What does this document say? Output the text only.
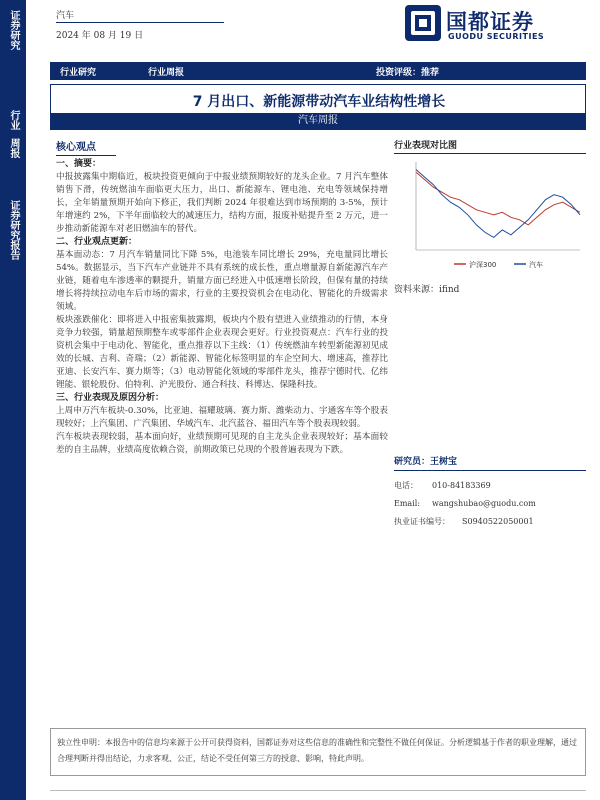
证券研究
行业
周报
证券研究报告
汽车
2024 年 08 月 19 日
国都证券
GUODU SECURITIES
行业研究	行业周报	投资评级：推荐
7 月出口、新能源带动汽车业结构性增长
汽车周报
核心观点
一、摘要：

中报披露集中期临近，板块投资更倾向于中报业绩预期较好的龙头企业。7 月汽车整体销售下滑，传统燃油车面临更大压力，出口、新能源车、锂电池、充电等领域保持增长，全年销量预期开始向下修正，我们判断 2024 年很难达到市场预期的 3-5%，预计年增速约 2%，下半年面临较大的减速压力，结构方面，报废补贴提升至 2 万元，进一步推动新能源车对老旧燃油车的替代。

二、行业观点更新：

基本面动态：7 月汽车销量同比下降 5%，电池装车同比增长 29%，充电量同比增长 54%。数据显示，当下汽车产业链并不具有系统的成长性，重点增量源自新能源汽车产业链，随着电车渗透率的颗提升，销量方面已经进入中低速增长阶段，但保有量的持续增长将持续拉动电车后市场的需求，行业的主要投资机会在电动化、智能化的升级需求领域。

板块涨跌催化：即将进入中报密集披露期，板块内个股有望进入业绩推动的行情，本身竞争力较强，销量超预期整车或零部件企业表现会更好。行业投资观点：汽车行业的投资机会集中于电动化、智能化，重点推荐以下主线：（1）传统燃油车转型新能源初见成效的长城、吉利、奇瑞；（2）新能源、智能化标签明显的车企空间大、增速高，推荐比亚迪、长安汽车、赛力斯等；（3）电动智能化领域的零部件龙头，推荐宁德时代、亿纬锂能、银轮股份、伯特利、沪光股份、通合科技、科博达、保隆科技。

三、行业表现及原因分析：

上周申万汽车板块-0.30%，比亚迪、福耀玻璃、赛力斯、潍柴动力、宇通客车等个股表现较好；上汽集团、广汽集团、华域汽车、北汽蓝谷、福田汽车等个股表现较弱。

汽车板块表现较弱，基本面向好，业绩预期可见现的自主龙头企业表现较好；基本面较差的自主品牌，业绩高度依赖合资，前期政策已兑现的个股普遍表现为下跌。

行业表现对比图
沪深300	汽车
资料来源：ifind
研究员：王树宝
电话： 010-84183369
Email: wangshubao@guodu.com
执业证书编号： S0940522050001
独立性申明：本报告中的信息均来源于公开可获得资料，国都证券对这些信息的准确性和完整性不做任何保证。分析逻辑基于作者的职业理解，通过合理判断并得出结论，力求客观、公正，结论不受任何第三方的授意、影响，特此声明。
